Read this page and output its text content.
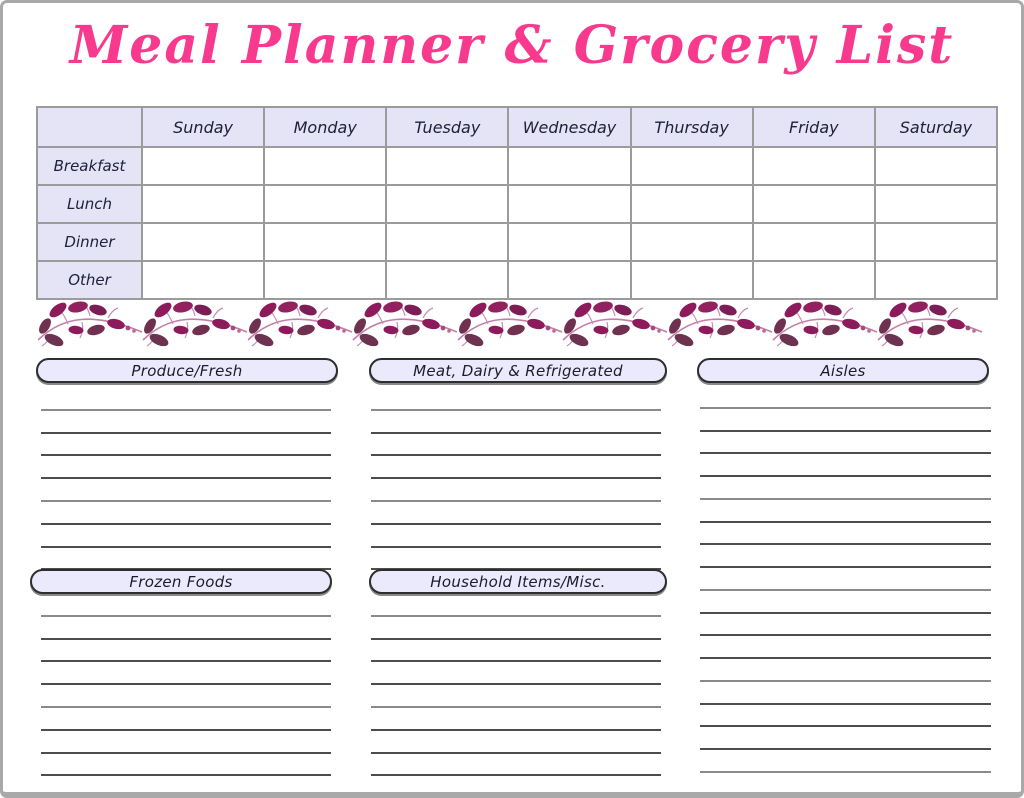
Meal Planner & Grocery List
	Sunday	Monday	Tuesday	Wednesday	Thursday	Friday	Saturday
Breakfast							
Lunch							
Dinner							
Other							
Produce/Fresh	Meat, Dairy & Refrigerated	Aisles
Frozen Foods	Household Items/Misc.
